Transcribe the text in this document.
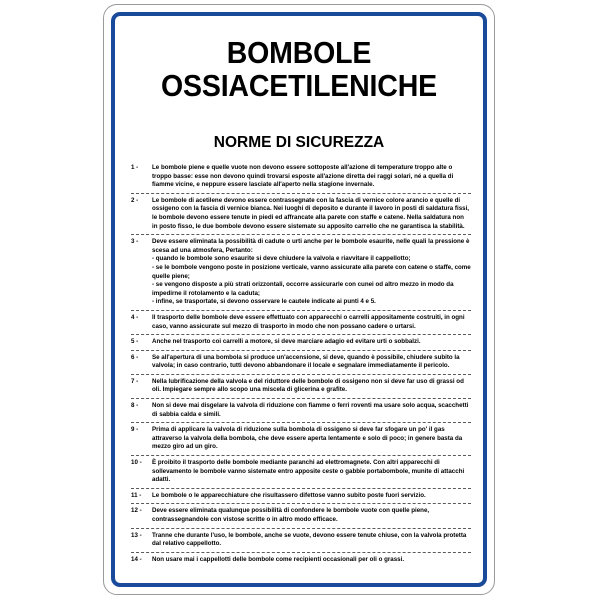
BOMBOLE
OSSIACETILENICHE
NORME DI SICUREZZA
1 -	Le bombole piene e quelle vuote non devono essere sottoposte all'azione di temperature troppo alte o troppo basse: esse non devono quindi trovarsi esposte all'azione diretta dei raggi solari, né a quella di fiamme vicine, e neppure essere lasciate all'aperto nella stagione invernale.
2 -	Le bombole di acetilene devono essere contrassegnate con la fascia di vernice colore arancio e quelle di ossigeno con la fascia di vernice bianca. Nei luoghi di deposito e durante il lavoro in posti di saldatura fissi, le bombole devono essere tenute in piedi ed affrancate alla parete con staffe e catene. Nella saldatura non in posto fisso, le due bombole devono essere sistemate su apposito carrello che ne garantisca la stabilità.
3 -	Deve essere eliminata la possibilità di cadute o urti anche per le bombole esaurite, nelle quali la pressione è scesa ad una atmosfera, Pertanto:
- quando le bombole sono esaurite si deve chiudere la valvola e riavvitare il cappellotto;
- se le bombole vengono poste in posizione verticale, vanno assicurate alla parete con catene o staffe, come quelle piene;
- se vengono disposte a più strati orizzontali, occorre assicurarle con cunei od altro mezzo in modo da impedirne il rotolamento e la caduta;
- infine, se trasportate, si devono osservare le cautele indicate ai punti 4 e 5.
4 -	Il trasporto delle bombole deve essere effettuato con apparecchi o carrelli appositamente costruiti, in ogni caso, vanno assicurate sul mezzo di trasporto in modo che non possano cadere o urtarsi.
5 -	Anche nel trasporto coi carrelli a motore, si deve marciare adagio ed evitare urti o sobbalzi.
6 -	Se all'apertura di una bombola si produce un'accensione, si deve, quando è possibile, chiudere subito la valvola; in caso contrario, tutti devono abbandonare il locale e segnalare immediatamente il pericolo.
7 -	Nella lubrificazione della valvola e del riduttore delle bombole di ossigeno non si deve far uso di grassi od oli. Impiegare sempre allo scopo una miscela di glicerina e grafite.
8 -	Non si deve mai disgelare la valvola di riduzione con fiamme o ferri roventi ma usare solo acqua, scacchetti di sabbia calda e simili.
9 -	Prima di applicare la valvola di riduzione sulla bombola di ossigeno si deve far sfogare un po' il gas attraverso la valvola della bombola, che deve essere aperta lentamente e solo di poco; in genere basta da mezzo giro ad un giro.
10 -	È proibito il trasporto delle bombole mediante paranchi ad elettromagnete. Con altri apparecchi di sollevamento le bombole vanno sistemate entro apposite ceste o gabbie portabombole, munite di attacchi adatti.
11 -	Le bombole o le apparecchiature che risultassero difettose vanno subito poste fuori servizio.
12 -	Deve essere eliminata qualunque possibilità di confondere le bombole vuote con quelle piene, contrassegnandole con vistose scritte o in altro modo efficace.
13 -	Tranne che durante l'uso, le bombole, anche se vuote, devono essere tenute chiuse, con la valvola protetta dal relativo cappellotto.
14 -	Non usare mai i cappellotti delle bombole come recipienti occasionali per oli o grassi.
